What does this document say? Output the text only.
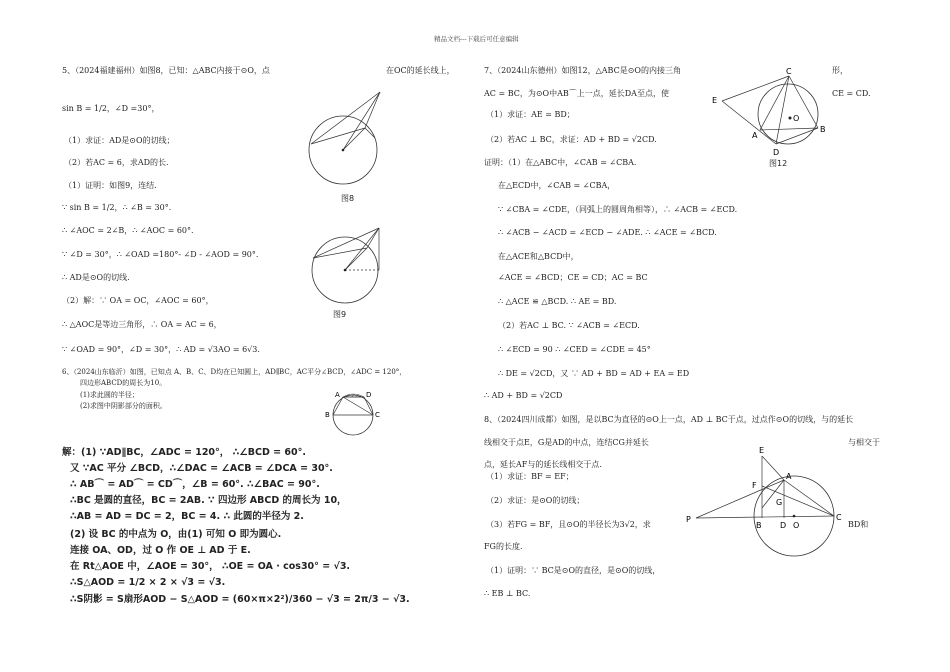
精品文档---下载后可任意编辑
5、（2024福建福州）如图8，已知：△ABC内接于⊙O，点	在OC的延长线上，
sin B = 1/2，∠D =30°，
（1）求证：AD是⊙O的切线；
（2）若AC = 6，求AD的长.
（1）证明：如图9，连结.
∵ sin B = 1/2，∴ ∠B = 30°.
∴ ∠AOC = 2∠B，∴ ∠AOC = 60°.
∵ ∠D = 30°，∴ ∠OAD =180°- ∠D - ∠AOD = 90°.
∴ AD是⊙O的切线.
（2）解：∵ OA = OC，∠AOC = 60°，
∴ △AOC是等边三角形，∴ OA = AC = 6，
∵ ∠OAD = 90°，∠D = 30°，∴ AD = √3AO = 6√3.
图8
图9
6、（2024山东临沂）如图，已知点 A、B、C、D均在已知圆上，AD∥BC，AC平分∠BCD，∠ADC = 120°，
四边形ABCD的周长为10。
(1)求此圆的半径；
(2)求图中阴影部分的面积。
A	D
B	C
解：(1) ∵AD∥BC，∠ADC = 120°， ∴∠BCD = 60°.
又 ∵AC 平分 ∠BCD，∴∠DAC = ∠ACB = ∠DCA = 30°.
∴ AB⌒ = AD⌒ = CD⌒，∠B = 60°. ∴∠BAC = 90°.
∴BC 是圆的直径，BC = 2AB. ∵ 四边形 ABCD 的周长为 10，
∴AB = AD = DC = 2，BC = 4. ∴ 此圆的半径为 2.
(2) 设 BC 的中点为 O，由(1) 可知 O 即为圆心.
连接 OA、OD，过 O 作 OE ⊥ AD 于 E.
在 Rt△AOE 中，∠AOE = 30°， ∴OE = OA · cos30° = √3.
∴S△AOD = 1/2 × 2 × √3 = √3.
∴S阴影 = S扇形AOD − S△AOD = (60×π×2²)/360 − √3 = 2π/3 − √3.
7、（2024山东德州）如图12，△ABC是⊙O的内接三角	形，
CE = CD.
AC = BC，为⊙O中AB⌒上一点，延长DA至点，使
（1）求证：AE = BD；
（2）若AC ⊥ BC，求证：AD + BD = √2CD.
证明：（1）在△ABC中，∠CAB = ∠CBA.
在△ECD中，∠CAB = ∠CBA，
∵ ∠CBA = ∠CDE，（同弧上的圆周角相等），∴ ∠ACB = ∠ECD.
∴ ∠ACB − ∠ACD = ∠ECD − ∠ADE. ∴ ∠ACE = ∠BCD.
在△ACE和△BCD中，
∠ACE = ∠BCD；CE = CD；AC = BC
∴ △ACE ≌ △BCD. ∴ AE = BD.
（2）若AC ⊥ BC. ∵ ∠ACB = ∠ECD.
∴ ∠ECD = 90 ∴ ∠CED = ∠CDE = 45°
∴ DE = √2CD，又 ∵ AD + BD = AD + EA = ED
∴ AD + BD = √2CD
C
E
A
B
D
O
图12
8、（2024四川成都）如图，是以BC为直径的⊙O上一点，AD ⊥ BC于点，过点作⊙O的切线，与的延长
线相交于点E，G是AD的中点，连结CG并延长	与相交于
点，延长AF与的延长线相交于点.
（1）求证：BF = EF；
（2）求证：是⊙O的切线；
（3）若FG = BF，且⊙O的半径长为3√2，求	BD和
FG的长度.
（1）证明：∵ BC是⊙O的直径，是⊙O的切线，
∴ EB ⊥ BC.
E
A
F
G
P
B D O
C
